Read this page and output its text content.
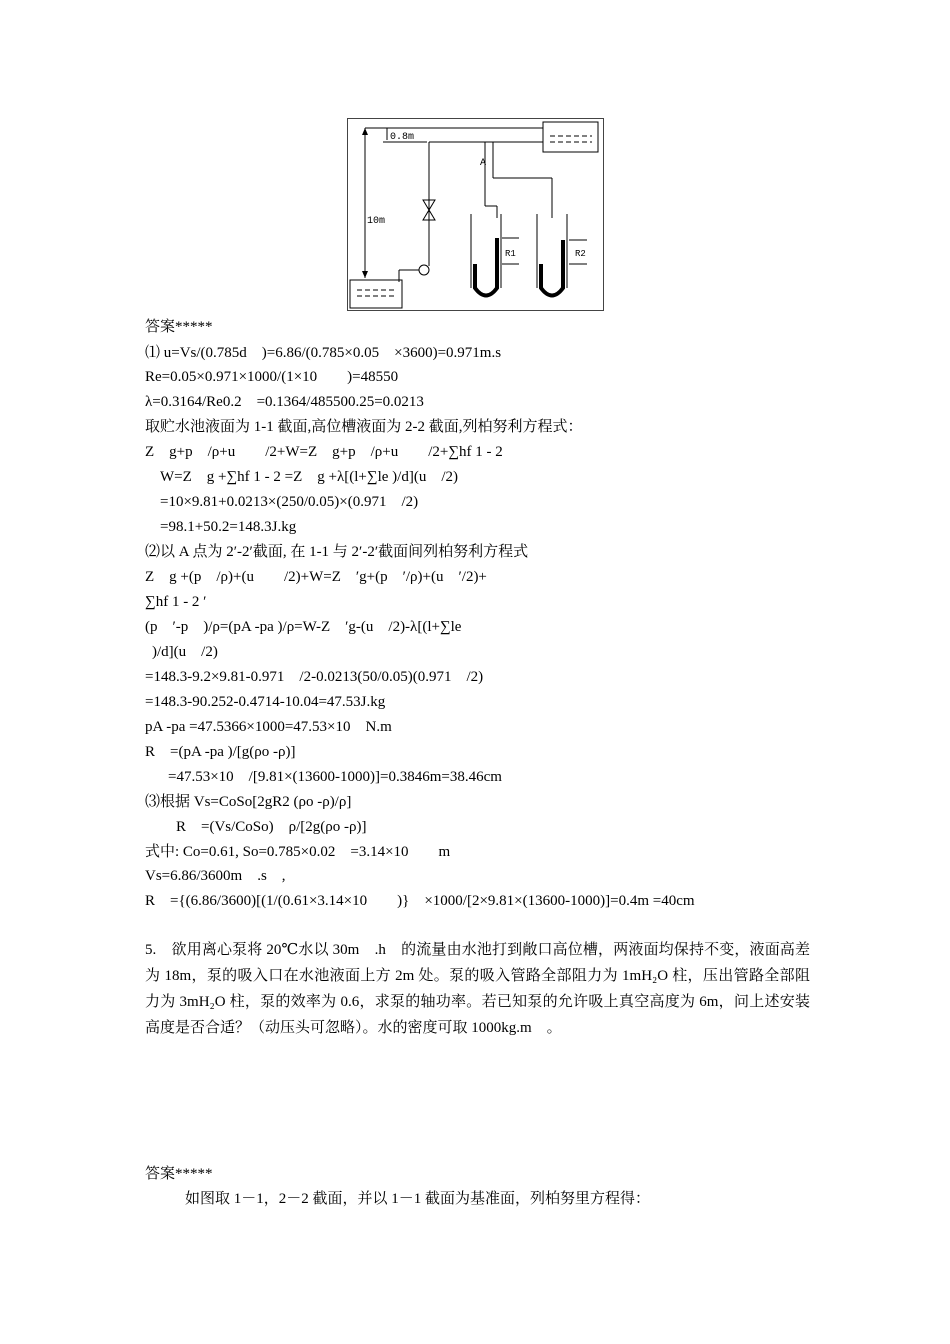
0.8m
10m
A
R1	R2
答案*****
⑴ u=Vs/(0.785d    )=6.86/(0.785×0.05    ×3600)=0.971m.s
Re=0.05×0.971×1000/(1×10        )=48550
λ=0.3164/Re0.2    =0.1364/485500.25=0.0213
取贮水池液面为 1-1 截面,高位槽液面为 2-2 截面,列柏努利方程式：
Z    g+p    /ρ+u        /2+W=Z    g+p    /ρ+u        /2+∑hf 1 - 2
W=Z    g +∑hf 1 - 2 =Z    g +λ[(l+∑le )/d](u    /2)
=10×9.81+0.0213×(250/0.05)×(0.971    /2)
=98.1+50.2=148.3J.kg
⑵以 A 点为 2′-2′截面, 在 1-1 与 2′-2′截面间列柏努利方程式
Z    g +(p    /ρ)+(u        /2)+W=Z    ′g+(p    ′/ρ)+(u    ′/2)+
∑hf 1 - 2 ′
(p    ′-p    )/ρ=(pA -pa )/ρ=W-Z    ′g-(u    /2)-λ[(l+∑le
)/d](u    /2)
=148.3-9.2×9.81-0.971    /2-0.0213(50/0.05)(0.971    /2)
=148.3-90.252-0.4714-10.04=47.53J.kg
pA -pa =47.5366×1000=47.53×10    N.m
R    =(pA -pa )/[g(ρo -ρ)]
=47.53×10    /[9.81×(13600-1000)]=0.3846m=38.46cm
⑶根据 Vs=CoSo[2gR2 (ρo -ρ)/ρ]
R    =(Vs/CoSo)    ρ/[2g(ρo -ρ)]
式中: Co=0.61, So=0.785×0.02    =3.14×10        m
Vs=6.86/3600m    .s    ,
R    ={(6.86/3600)[(1/(0.61×3.14×10        )}    ×1000/[2×9.81×(13600-1000)]=0.4m =40cm
5.　欲用离心泵将 20℃水以 30m　.h　的流量由水池打到敞口高位槽，两液面均保持不变，液面高差为 18m，泵的吸入口在水池液面上方 2m 处。泵的吸入管路全部阻力为 1mH₂O 柱，压出管路全部阻力为 3mH₂O 柱，泵的效率为 0.6，求泵的轴功率。若已知泵的允许吸上真空高度为 6m，问上述安装高度是否合适？（动压头可忽略）。水的密度可取 1000kg.m　。
答案*****
如图取 1－1，2－2 截面，并以 1－1 截面为基准面，列柏努里方程得：
